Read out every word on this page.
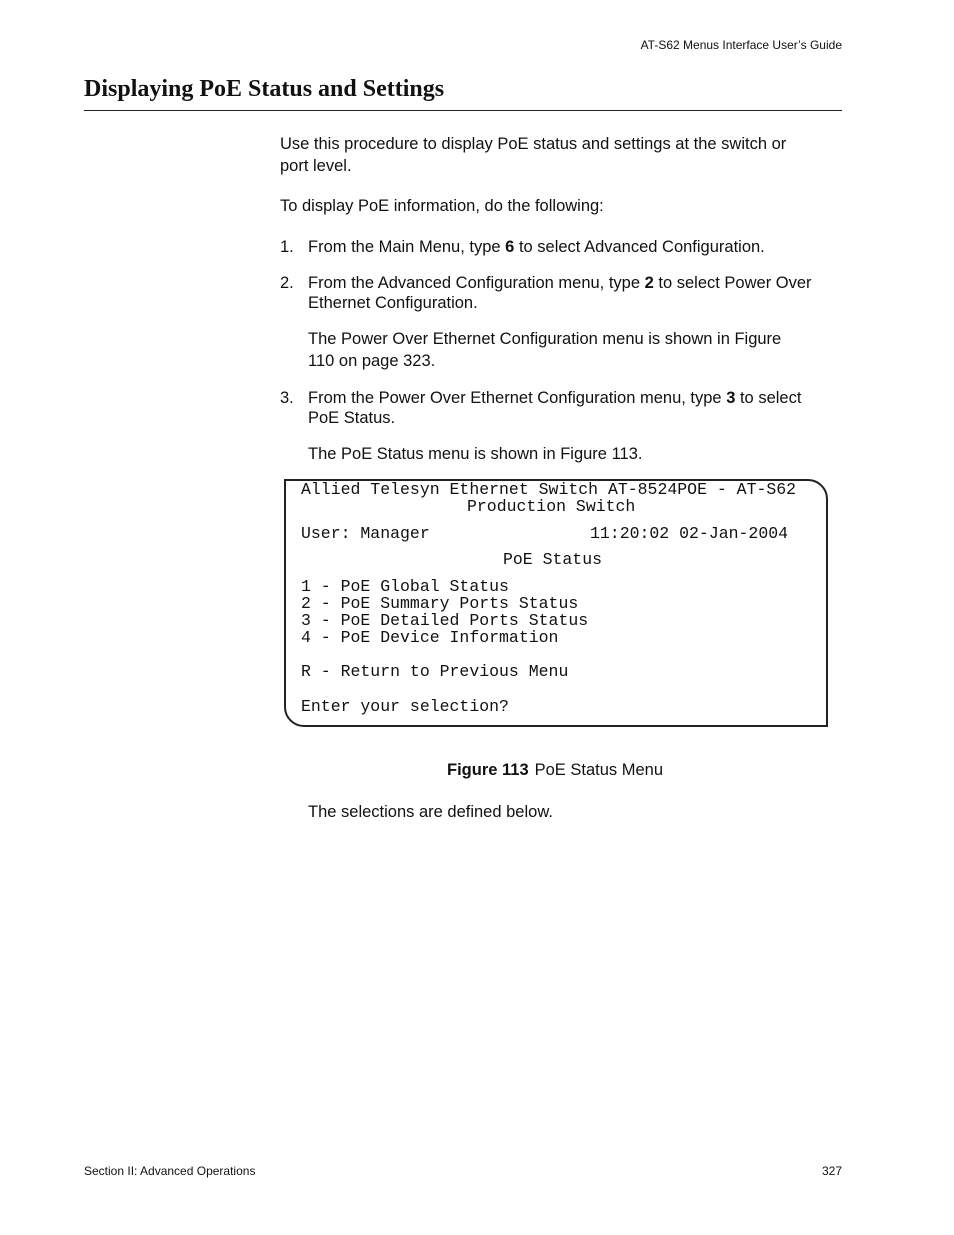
AT-S62 Menus Interface User’s Guide
Displaying PoE Status and Settings

Use this procedure to display PoE status and settings at the switch or
port level.

To display PoE information, do the following:

1. From the Main Menu, type 6 to select Advanced Configuration.
2. From the Advanced Configuration menu, type 2 to select Power Over
Ethernet Configuration.

The Power Over Ethernet Configuration menu is shown in Figure
110 on page 323.

3. From the Power Over Ethernet Configuration menu, type 3 to select
PoE Status.

The PoE Status menu is shown in Figure 113.

Allied Telesyn Ethernet Switch AT-8524POE - AT-S62
Production Switch
User: Manager	11:20:02 02-Jan-2004
PoE Status
1 - PoE Global Status
2 - PoE Summary Ports Status
3 - PoE Detailed Ports Status
4 - PoE Device Information
R - Return to Previous Menu
Enter your selection?
Figure 113 PoE Status Menu

The selections are defined below.

Section II: Advanced Operations	327
